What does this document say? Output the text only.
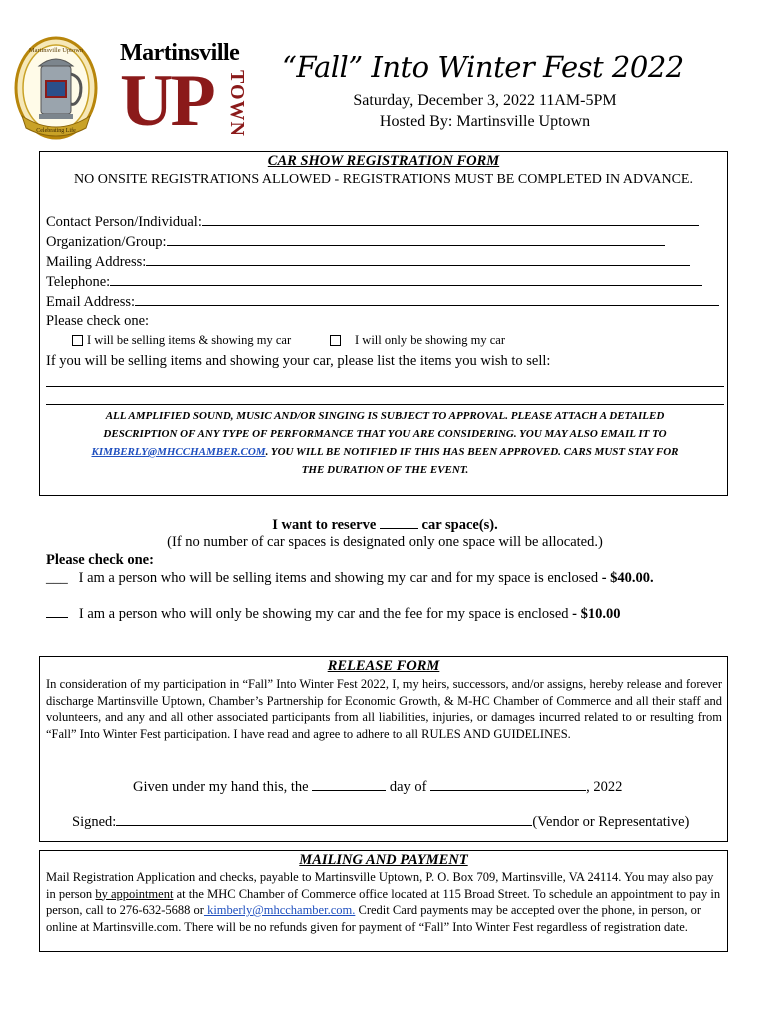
Martinsville Uptown
Celebrating Life
Martinsville
UP TOWN
“Fall” Into Winter Fest 2022
Saturday, December 3, 2022 11AM-5PM
Hosted By: Martinsville Uptown
CAR SHOW REGISTRATION FORM
NO ONSITE REGISTRATIONS ALLOWED - REGISTRATIONS MUST BE COMPLETED IN ADVANCE.
Contact Person/Individual:
Organization/Group:
Mailing Address:
Telephone:
Email Address:
Please check one:
I will be selling items & showing my car	I will only be showing my car
If you will be selling items and showing your car, please list the items you wish to sell:
ALL AMPLIFIED SOUND, MUSIC AND/OR SINGING IS SUBJECT TO APPROVAL. PLEASE ATTACH A DETAILED
DESCRIPTION OF ANY TYPE OF PERFORMANCE THAT YOU ARE CONSIDERING. YOU MAY ALSO EMAIL IT TO
KIMBERLY@MHCCHAMBER.COM. YOU WILL BE NOTIFIED IF THIS HAS BEEN APPROVED. CARS MUST STAY FOR
THE DURATION OF THE EVENT.
I want to reserve	car space(s).
(If no number of car spaces is designated only one space will be allocated.)
Please check one:
___ I am a person who will be selling items and showing my car and for my space is enclosed - $40.00.
I am a person who will only be showing my car and the fee for my space is enclosed - $10.00
RELEASE FORM
In consideration of my participation in “Fall” Into Winter Fest 2022, I, my heirs, successors, and/or assigns, hereby release and forever discharge Martinsville Uptown, Chamber’s Partnership for Economic Growth, & M-HC Chamber of Commerce and all their staff and volunteers, and any and all other associated participants from all liabilities, injuries, or damages incurred related to or resulting from “Fall” Into Winter Fest participation. I have read and agree to adhere to all RULES AND GUIDELINES.
Given under my hand this, the	day of	, 2022
Signed:	(Vendor or Representative)
MAILING AND PAYMENT
Mail Registration Application and checks, payable to Martinsville Uptown, P. O. Box 709, Martinsville, VA 24114. You may also pay in person by appointment at the MHC Chamber of Commerce office located at 115 Broad Street. To schedule an appointment to pay in person, call to 276-632-5688 or kimberly@mhcchamber.com. Credit Card payments may be accepted over the phone, in person, or online at Martinsville.com. There will be no refunds given for payment of “Fall” Into Winter Fest regardless of registration date.
